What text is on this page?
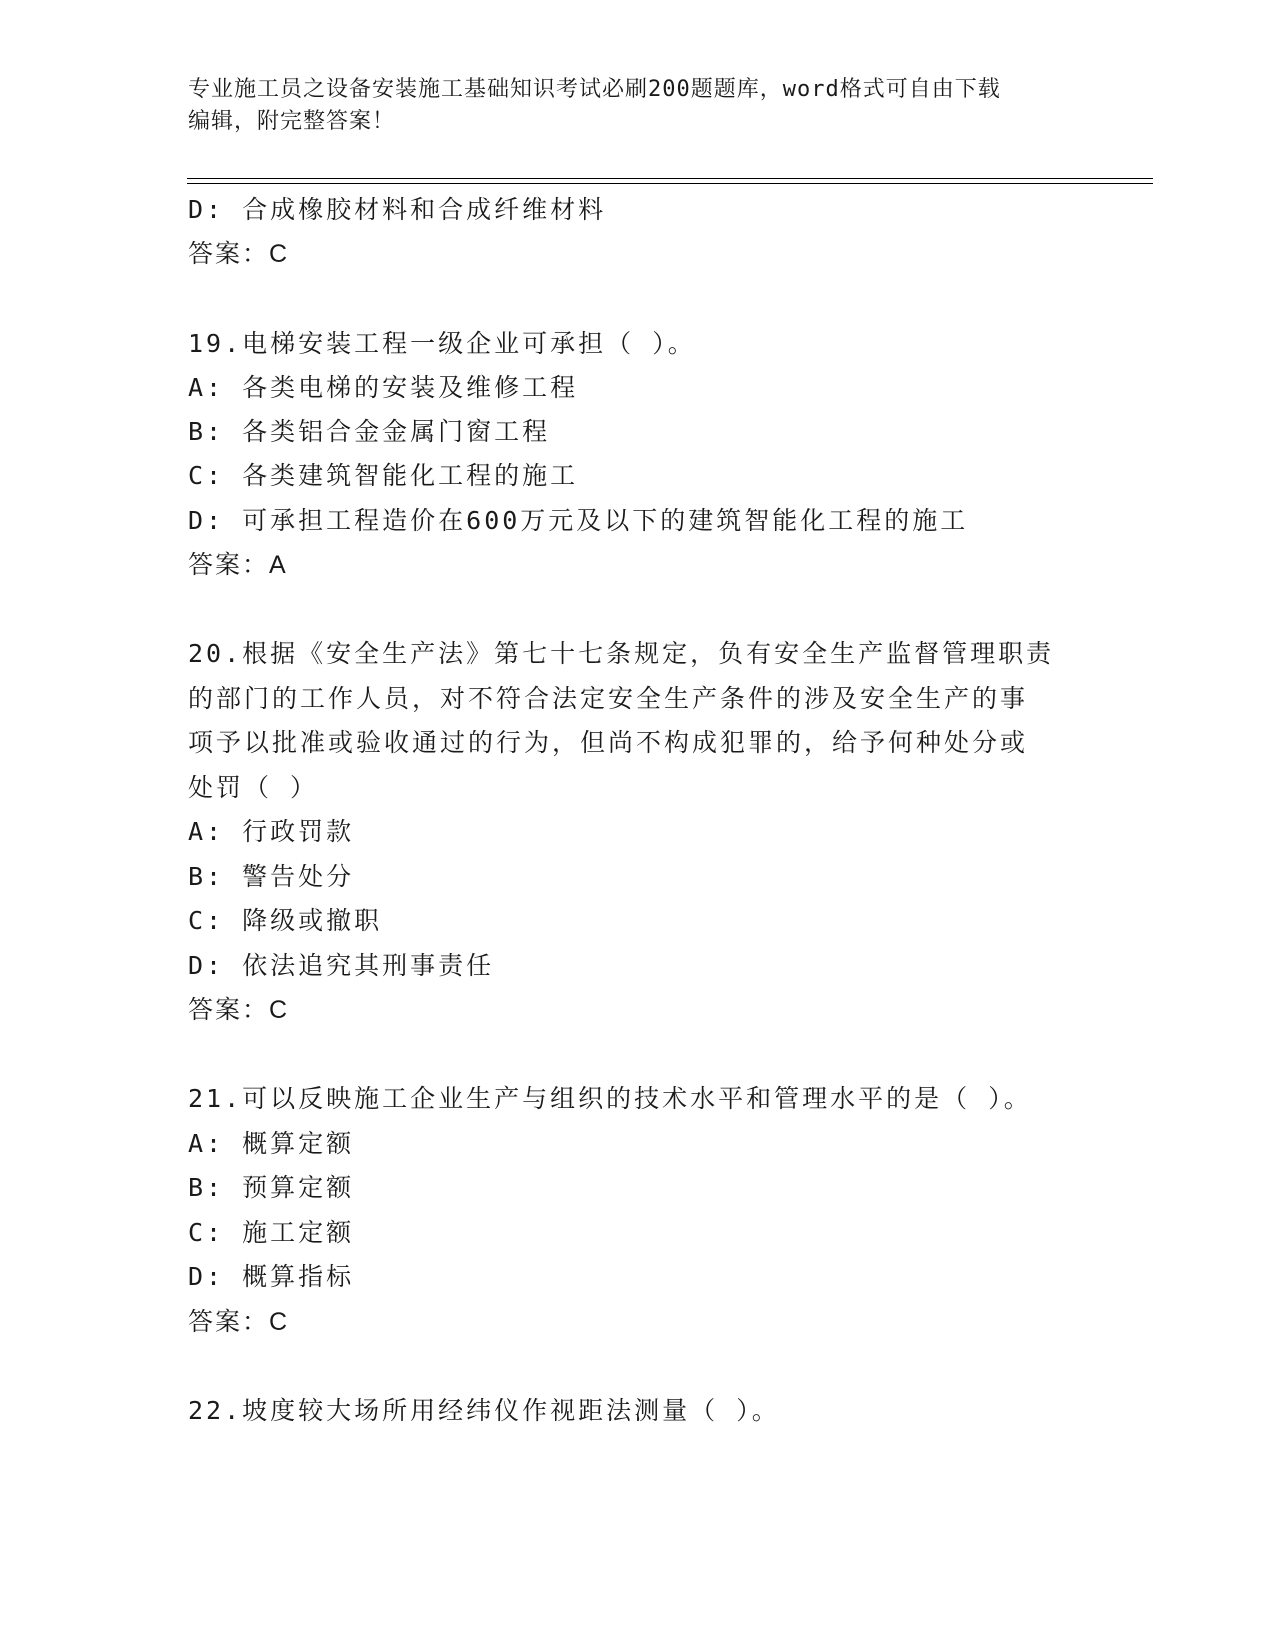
专业施工员之设备安装施工基础知识考试必刷200题题库，word格式可自由下载
编辑，附完整答案！
D: 合成橡胶材料和合成纤维材料
答案：C
19.电梯安装工程一级企业可承担（ ）。
A: 各类电梯的安装及维修工程
B: 各类铝合金金属门窗工程
C: 各类建筑智能化工程的施工
D: 可承担工程造价在600万元及以下的建筑智能化工程的施工
答案：A
20.根据《安全生产法》第七十七条规定，负有安全生产监督管理职责
的部门的工作人员，对不符合法定安全生产条件的涉及安全生产的事
项予以批准或验收通过的行为，但尚不构成犯罪的，给予何种处分或
处罚（ ）
A: 行政罚款
B: 警告处分
C: 降级或撤职
D: 依法追究其刑事责任
答案：C
21.可以反映施工企业生产与组织的技术水平和管理水平的是（ ）。
A: 概算定额
B: 预算定额
C: 施工定额
D: 概算指标
答案：C
22.坡度较大场所用经纬仪作视距法测量（ ）。
